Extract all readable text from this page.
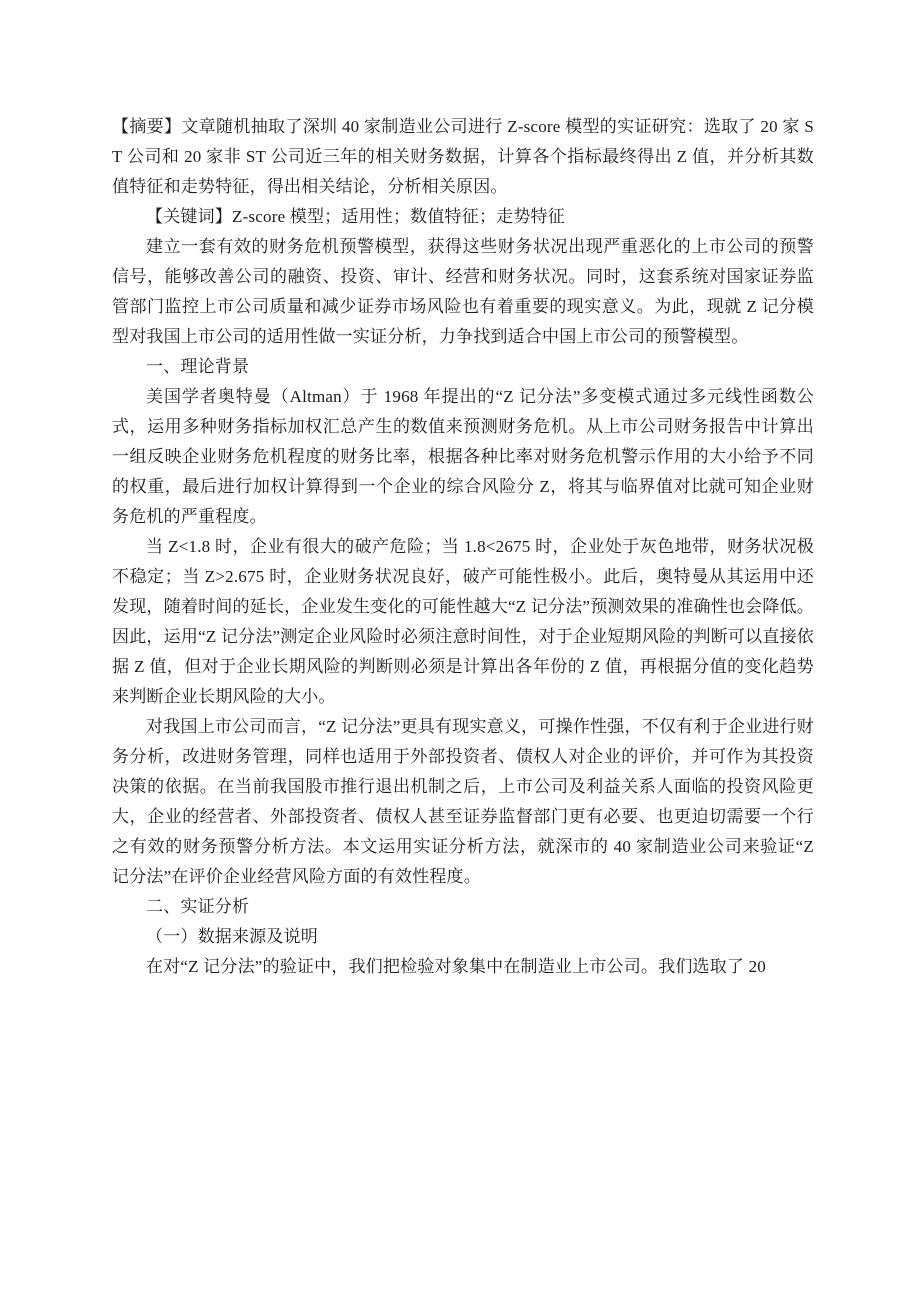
【摘要】文章随机抽取了深圳 40 家制造业公司进行 Z-score 模型的实证研究：选取了 20 家 ST 公司和 20 家非 ST 公司近三年的相关财务数据，计算各个指标最终得出 Z 值，并分析其数值特征和走势特征，得出相关结论，分析相关原因。

【关键词】Z-score 模型；适用性；数值特征；走势特征

建立一套有效的财务危机预警模型，获得这些财务状况出现严重恶化的上市公司的预警信号，能够改善公司的融资、投资、审计、经营和财务状况。同时，这套系统对国家证券监管部门监控上市公司质量和减少证券市场风险也有着重要的现实意义。为此，现就 Z 记分模型对我国上市公司的适用性做一实证分析，力争找到适合中国上市公司的预警模型。

一、理论背景

美国学者奥特曼（Altman）于 1968 年提出的“Z 记分法”多变模式通过多元线性函数公式，运用多种财务指标加权汇总产生的数值来预测财务危机。从上市公司财务报告中计算出一组反映企业财务危机程度的财务比率，根据各种比率对财务危机警示作用的大小给予不同的权重，最后进行加权计算得到一个企业的综合风险分 Z，将其与临界值对比就可知企业财务危机的严重程度。

当 Z<1.8 时，企业有很大的破产危险；当 1.8<2675 时，企业处于灰色地带，财务状况极不稳定；当 Z>2.675 时，企业财务状况良好，破产可能性极小。此后，奥特曼从其运用中还发现，随着时间的延长，企业发生变化的可能性越大“Z 记分法”预测效果的准确性也会降低。因此，运用“Z 记分法”测定企业风险时必须注意时间性，对于企业短期风险的判断可以直接依据 Z 值，但对于企业长期风险的判断则必须是计算出各年份的 Z 值，再根据分值的变化趋势来判断企业长期风险的大小。

对我国上市公司而言，“Z 记分法”更具有现实意义，可操作性强，不仅有利于企业进行财务分析，改进财务管理，同样也适用于外部投资者、债权人对企业的评价，并可作为其投资决策的依据。在当前我国股市推行退出机制之后，上市公司及利益关系人面临的投资风险更大，企业的经营者、外部投资者、债权人甚至证券监督部门更有必要、也更迫切需要一个行之有效的财务预警分析方法。本文运用实证分析方法，就深市的 40 家制造业公司来验证“Z 记分法”在评价企业经营风险方面的有效性程度。

二、实证分析
（一）数据来源及说明

在对“Z 记分法”的验证中，我们把检验对象集中在制造业上市公司。我们选取了 20
